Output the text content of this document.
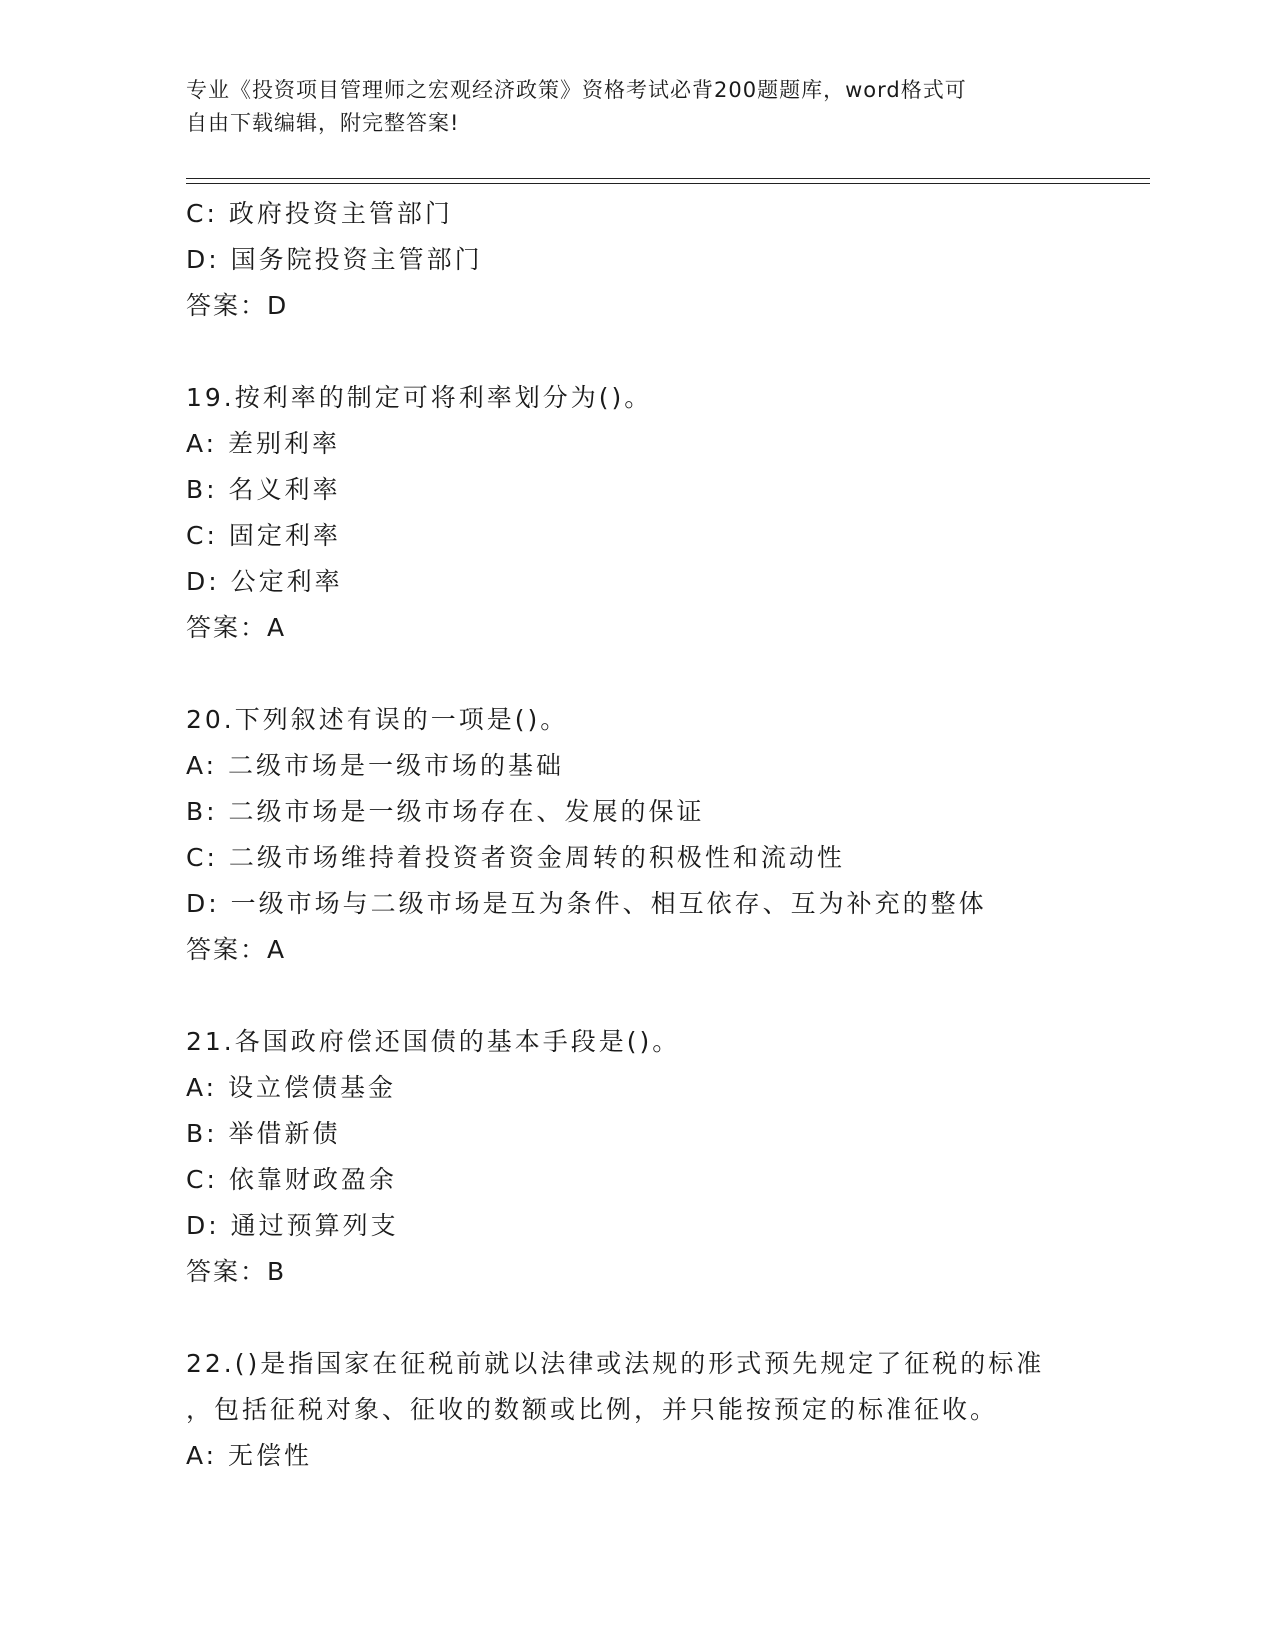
专业《投资项目管理师之宏观经济政策》资格考试必背200题题库，word格式可
自由下载编辑，附完整答案!
C: 政府投资主管部门
D: 国务院投资主管部门
答案：D
19.按利率的制定可将利率划分为()。
A: 差别利率
B: 名义利率
C: 固定利率
D: 公定利率
答案：A
20.下列叙述有误的一项是()。
A: 二级市场是一级市场的基础
B: 二级市场是一级市场存在、发展的保证
C: 二级市场维持着投资者资金周转的积极性和流动性
D: 一级市场与二级市场是互为条件、相互依存、互为补充的整体
答案：A
21.各国政府偿还国债的基本手段是()。
A: 设立偿债基金
B: 举借新债
C: 依靠财政盈余
D: 通过预算列支
答案：B
22.()是指国家在征税前就以法律或法规的形式预先规定了征税的标准
，包括征税对象、征收的数额或比例，并只能按预定的标准征收。
A: 无偿性
